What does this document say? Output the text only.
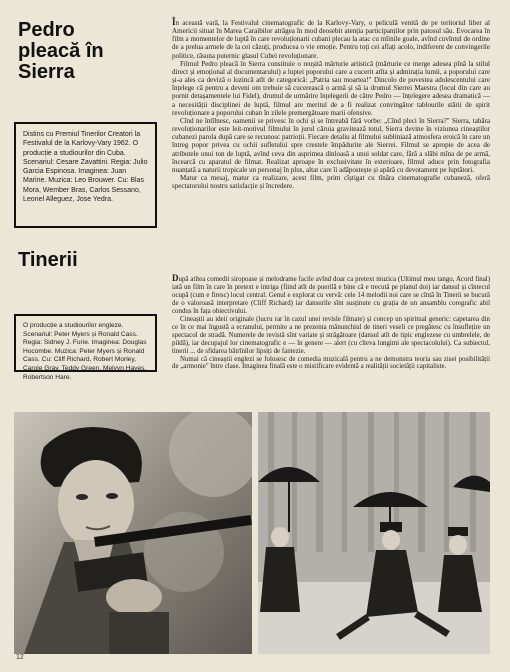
Pedro pleacă în Sierra
Distins cu Premiul Tinerilor Creatori la Festivalul de la Karlovy-Vary 1962. O producție a studiourilor din Cuba. Scenariul: Cesare Zavattini. Regia: Julio Garcia Espinosa. Imaginea: Juan Marine. Muzica: Leo Brouwer. Cu: Blas Mora, Wember Bras, Carlos Sessano, Leonel Alleguez, Jose Yedra.

În această vară, la Festivalul cinematografic de la Karlovy-Vary, o peliculă venită de pe teritoriul liber al Americii situat în Marea Caraibilor atrăgea în mod deosebit atenția participanților prin patosul său. Evocarea în film a momentelor de luptă în care revoluționarii cubani plecau la atac cu mîinile goale, avînd cuvîntul de ordine de a prelua armele de la cei căzuți, producea o vie emoție. Pentru toți cei aflați acolo, indiferent de convingerile politice, răsuna puternic glasul Cubei revoluționare.

Filmul Pedro pleacă în Sierra constituie o reușită mărturie artistică (mărturie ce merge adesea pînă la stilul direct și emoțional al documentarului) a luptei poporului care a cucerit atîta și admirația lumii, a poporului care și-a ales ca deviză o lozincă atît de categorică: „Patria sau moartea!" Dincolo de povestea adolescentului care înțelege că pentru a deveni om trebuie să cucerească o armă și să ia drumul Sierrei Maestra (locul din care au pornit detașamentele lui Fidel), drumul de urmărire înțelegerii de către Pedro — înțelegere adesea dramatică — a necesității disciplinei de luptă, filmul are meritul de a fi realizat convingător tablourile stării de spirit revoluționare a poporului cuban în zilele premergătoare marii ofensive.

Cînd ne întîlnesc, oamenii se privesc în ochi și se întreabă fără vorbe: „Cînd pleci în Sierra?" Sierra, tabăra revoluționarilor este leit-motivul filmului în jurul căruia gravitează totul, Sierra devine în viziunea cineaștilor cubanezi parola după care se recunosc patrioții. Fiecare detaliu al filmului subliniază atmosfera eroică în care un întreg popor privea cu ochii sufletului spre crestele împădurite ale Sierrei. Filmul se apropie de acea de atributele unui ton de luptă, avînd ceva din asprimea dinloasă a unui soldat care, fără a slăbi mîna de pe armă, încearcă cu aparatul de filmat. Realizat aproape în exclusivitate în exterioare, filmul aduce prin fotografia nuanțată a naturii tropicale un personaj în plus, altat care îi adăpostește și apără cu devotament pe luptători.

Matur ca mesaj, matur ca realizare, acest film, prim cîștigat cu tînăra cinematografie cubaneză, oferă spectatorului nostru satisfacție și încredere.

Tinerii
O producție a studiourilor engleze. Scenariul: Peter Myers și Ronald Cass. Regia: Sidney J. Furie. Imaginea: Douglas Hocombe. Muzica: Peter Myers și Ronald Cass. Cu: Cliff Richard, Robert Morley, Carole Gray, Teddy Green, Melvyn Hayes, Robertson Hare.

După atîtea comedii siropoase și melodrame facile avînd doar ca pretext muzica (Ultimul meu tango, Acord final) iată un film în care în pretext e intriga (fiind atît de puerilă e bine că e trecută pe planul doi) iar dansul și cîntecul ocupă (cum e firesc) locul central. Genul e explorat cu vervă: cele 14 melodii noi care se cîntă în Tinerii se bucură de o valoroasă interpretare (Cliff Richard) iar dansurile sînt susținute cu grația de un ansamblu coregrafic abil condus în fața obiectivului.

Cineaștii au ideii originale (lucru rar în cazul unei revisle filmate) și concep un spiritual generic: capetarea din ce în ce mai îngustă a ecranului, permite a ne prezenta mănunchiul de tineri veseli ce pregătesc cu însuflețire un spectacol de stradă. Numerele de revistă sînt variate și străgătoare (dansul atît de tipic englezese cu umbrelele, de pildă), iar decupajul lor cinematografic e — în genere — alert (cu cîteva lungimi ale spectacolului). Ca subiectul, tinerii ... de sfidarea bătrînilor lipsiți de fantezie.

Numai că cineaștii englezi se folosesc de comedia muzicală pentru a ne demonstra teoria sau zisei posibilității de „armonie" între clase. Imaginea finală este o mistificare evidentă a realității societății capitaliste.

12
